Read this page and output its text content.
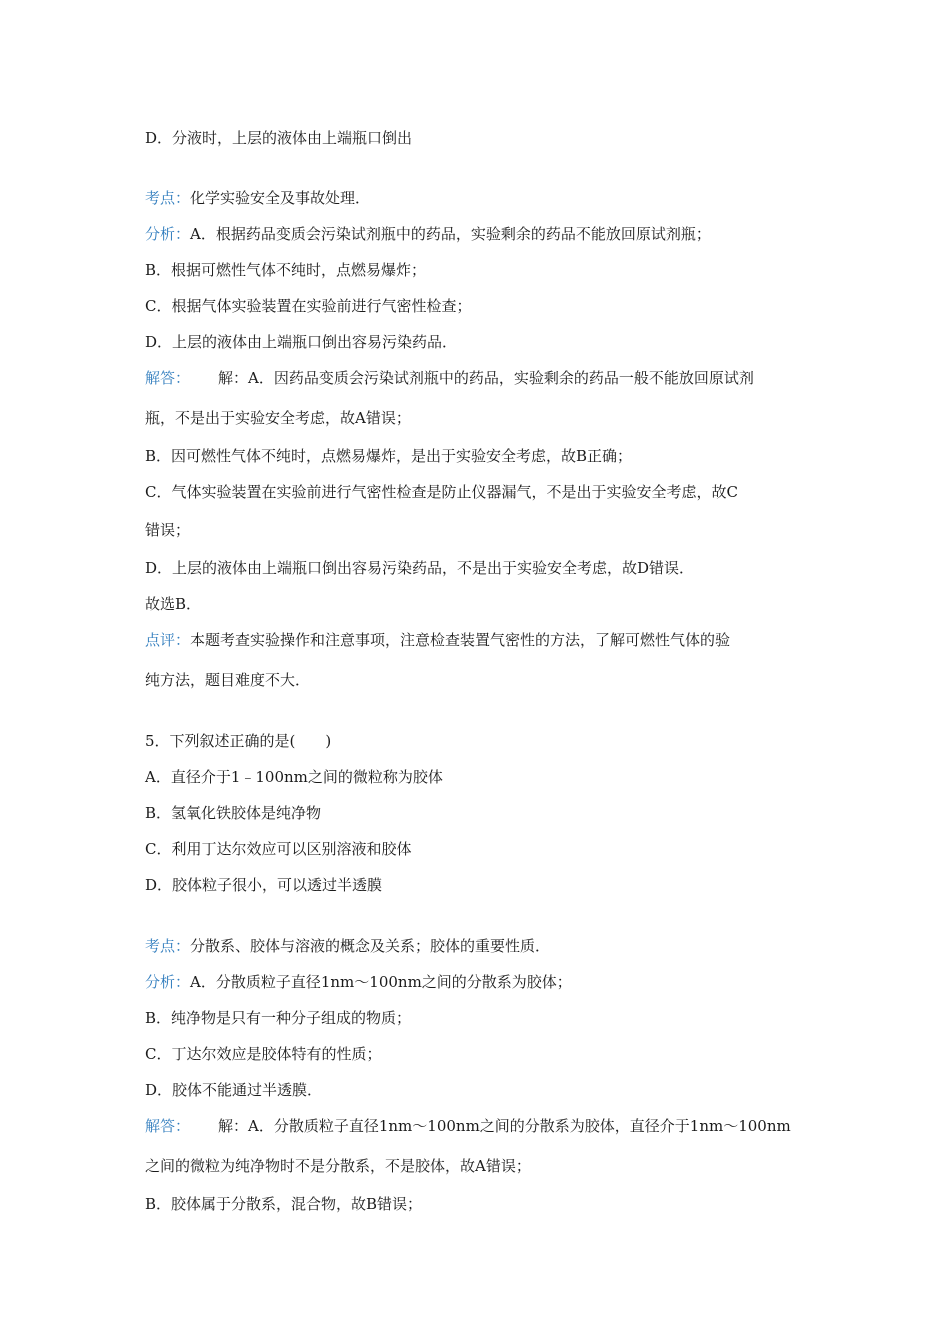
D．分液时，上层的液体由上端瓶口倒出
考点：化学实验安全及事故处理．
分析：A．根据药品变质会污染试剂瓶中的药品，实验剩余的药品不能放回原试剂瓶；
B．根据可燃性气体不纯时，点燃易爆炸；
C．根据气体实验装置在实验前进行气密性检查；
D．上层的液体由上端瓶口倒出容易污染药品．
解答： 解：A．因药品变质会污染试剂瓶中的药品，实验剩余的药品一般不能放回原试剂
瓶，不是出于实验安全考虑，故A错误；
B．因可燃性气体不纯时，点燃易爆炸，是出于实验安全考虑，故B正确；
C．气体实验装置在实验前进行气密性检查是防止仪器漏气，不是出于实验安全考虑，故C
错误；
D．上层的液体由上端瓶口倒出容易污染药品，不是出于实验安全考虑，故D错误．
故选B．
点评：本题考查实验操作和注意事项，注意检查装置气密性的方法，了解可燃性气体的验
纯方法，题目难度不大．
5．下列叙述正确的是(　　)
A．直径介于1﹣100nm之间的微粒称为胶体
B．氢氧化铁胶体是纯净物
C．利用丁达尔效应可以区别溶液和胶体
D．胶体粒子很小，可以透过半透膜
考点：分散系、胶体与溶液的概念及关系；胶体的重要性质．
分析：A．分散质粒子直径1nm～100nm之间的分散系为胶体；
B．纯净物是只有一种分子组成的物质；
C．丁达尔效应是胶体特有的性质；
D．胶体不能通过半透膜．
解答： 解：A．分散质粒子直径1nm～100nm之间的分散系为胶体，直径介于1nm～100nm
之间的微粒为纯净物时不是分散系，不是胶体，故A错误；
B．胶体属于分散系，混合物，故B错误；
